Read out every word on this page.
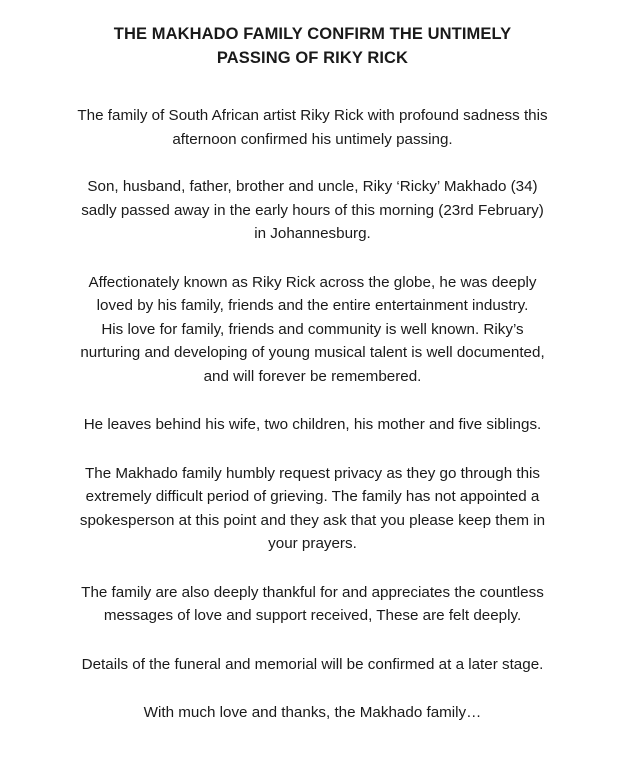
THE MAKHADO FAMILY CONFIRM THE UNTIMELY
PASSING OF RIKY RICK

The family of South African artist Riky Rick with profound sadness this
afternoon confirmed his untimely passing.

Son, husband, father, brother and uncle, Riky ‘Ricky’ Makhado (34)
sadly passed away in the early hours of this morning (23rd February)
in Johannesburg.

Affectionately known as Riky Rick across the globe, he was deeply
loved by his family, friends and the entire entertainment industry.
His love for family, friends and community is well known. Riky’s
nurturing and developing of young musical talent is well documented,
and will forever be remembered.

He leaves behind his wife, two children, his mother and five siblings.

The Makhado family humbly request privacy as they go through this
extremely difficult period of grieving. The family has not appointed a
spokesperson at this point and they ask that you please keep them in
your prayers.

The family are also deeply thankful for and appreciates the countless
messages of love and support received, These are felt deeply.

Details of the funeral and memorial will be confirmed at a later stage.

With much love and thanks, the Makhado family…
